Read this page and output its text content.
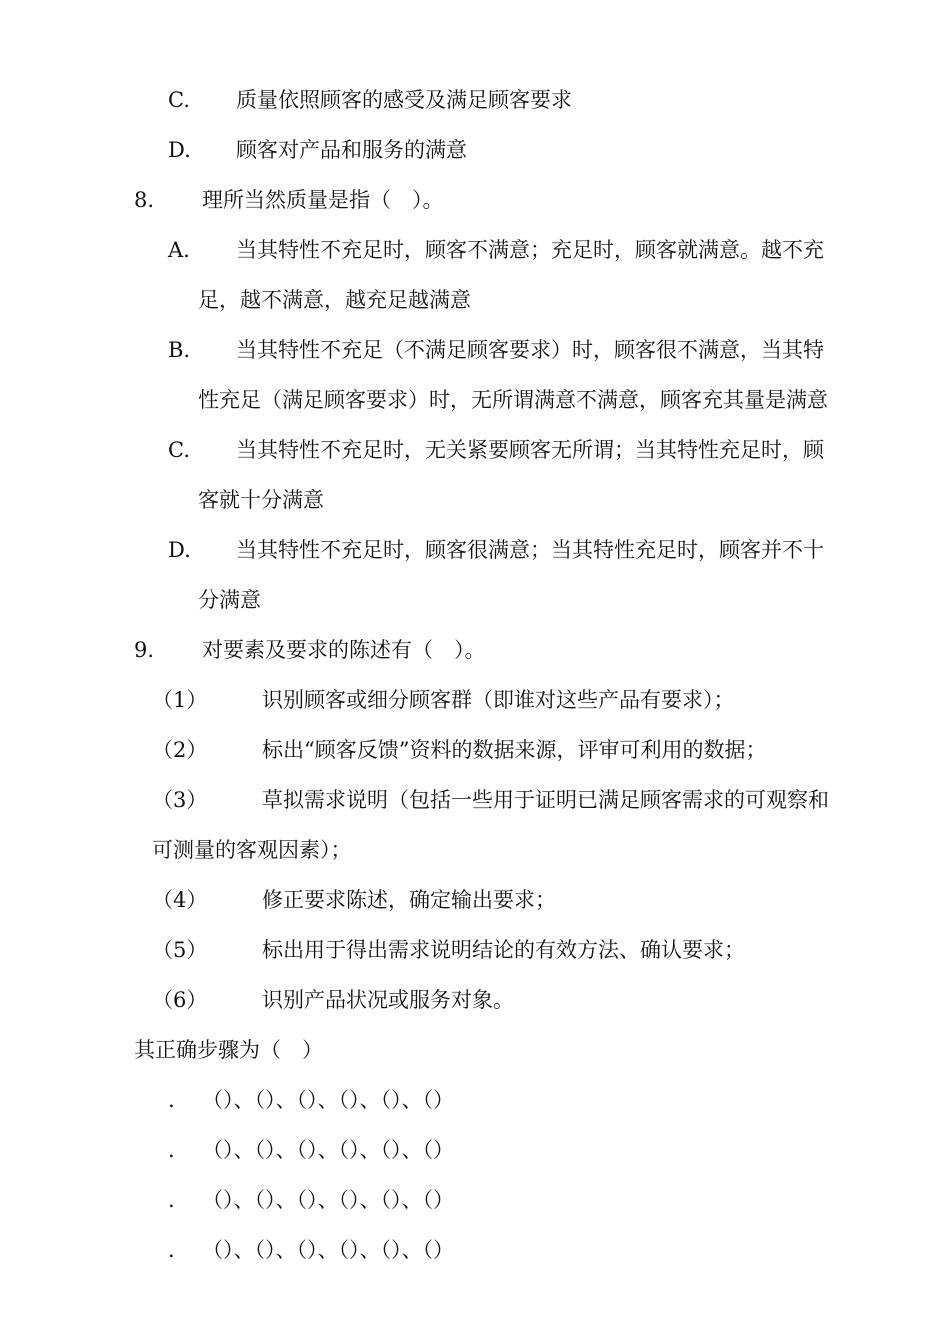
C. 质量依照顾客的感受及满足顾客要求
D. 顾客对产品和服务的满意
8. 理所当然质量是指（　）。
A. 当其特性不充足时，顾客不满意；充足时，顾客就满意。越不充
足，越不满意，越充足越满意
B. 当其特性不充足（不满足顾客要求）时，顾客很不满意，当其特
性充足（满足顾客要求）时，无所谓满意不满意，顾客充其量是满意
C. 当其特性不充足时，无关紧要顾客无所谓；当其特性充足时，顾
客就十分满意
D. 当其特性不充足时，顾客很满意；当其特性充足时，顾客并不十
分满意
9. 对要素及要求的陈述有（　）。
（1）	识别顾客或细分顾客群（即谁对这些产品有要求）；
（2）	标出“顾客反馈”资料的数据来源，评审可利用的数据；
（3）	草拟需求说明（包括一些用于证明已满足顾客需求的可观察和
可测量的客观因素）；
（4）	修正要求陈述，确定输出要求；
（5）	标出用于得出需求说明结论的有效方法、确认要求；
（6）	识别产品状况或服务对象。
其正确步骤为（　）
. （）、（）、（）、（）、（）、（）
. （）、（）、（）、（）、（）、（）
. （）、（）、（）、（）、（）、（）
. （）、（）、（）、（）、（）、（）
